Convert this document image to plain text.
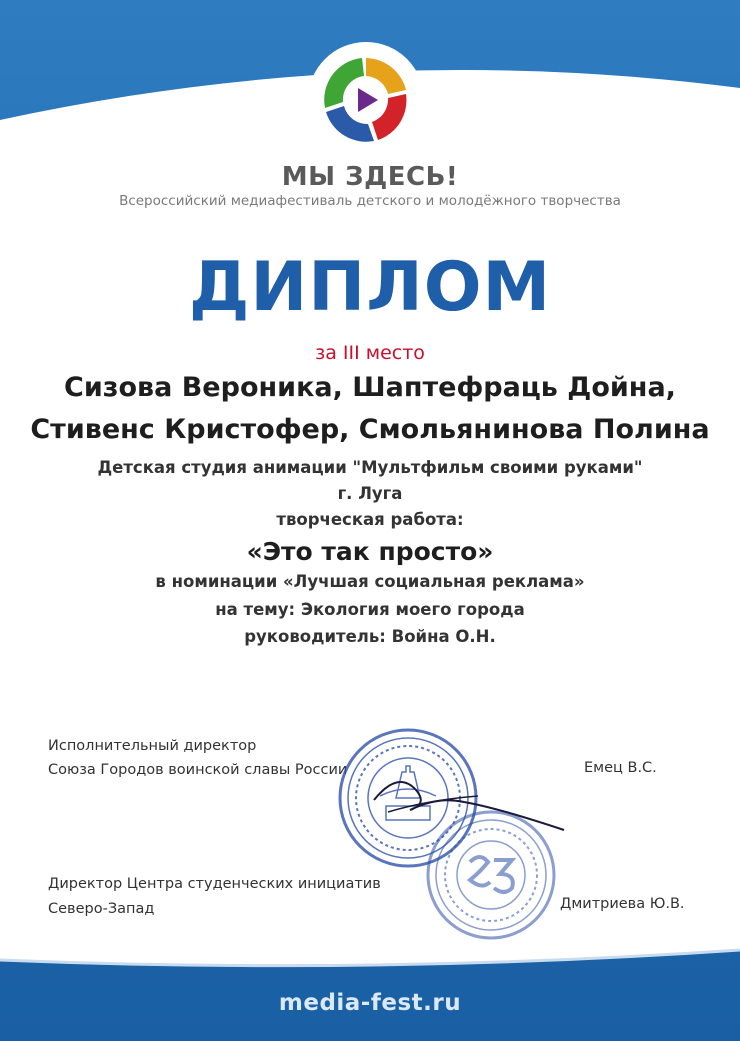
МЫ ЗДЕСЬ!
Всероссийский медиафестиваль детского и молодёжного творчества
ДИПЛОМ
за III место
Сизова Вероника, Шаптефраць Дойна,
Стивенс Кристофер, Смольянинова Полина
Детская студия анимации "Мультфильм своими руками"
г. Луга
творческая работа:
«Это так просто»
в номинации «Лучшая социальная реклама»
на тему: Экология моего города
руководитель: Война О.Н.
Исполнительный директор
Союза Городов воинской славы России	Емец В.С.
Директор Центра студенческих инициатив
Северо-Запад	Дмитриева Ю.В.
media-fest.ru
